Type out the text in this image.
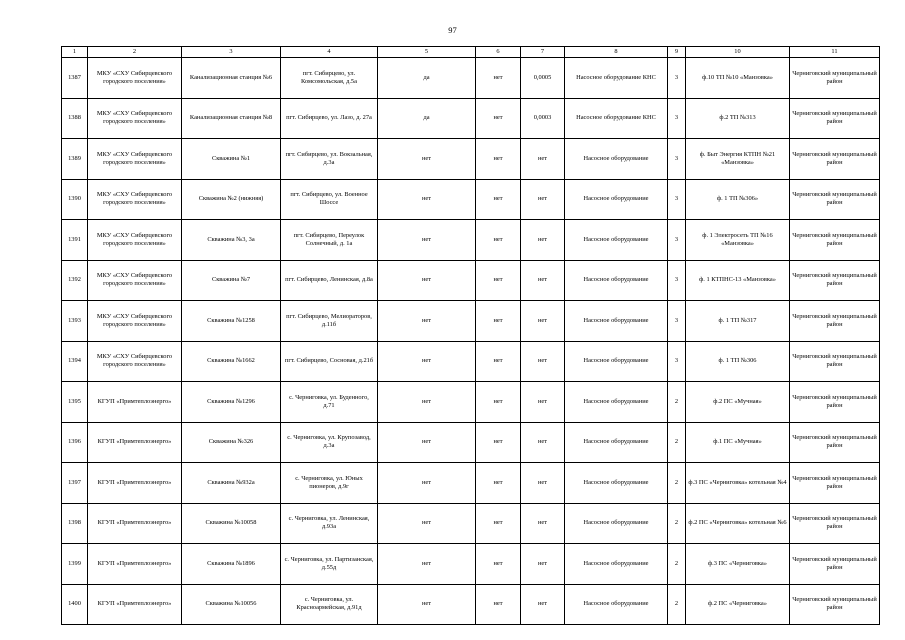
97
1	2	3	4	5	6	7	8	9	10	11
1387	МКУ «СХУ Сибирцевского городского поселения»	Канализационная станция №6	пгт. Сибирцево, ул. Комсомольская, д.5а	да	нет	0,0005	Насосное оборудование КНС	3	ф.10 ТП №10 «Манзовка»	Черниговский муниципальный район
1388	МКУ «СХУ Сибирцевского городского поселения»	Канализационная станция №8	пгт. Сибирцево, ул. Лазо, д. 27а	да	нет	0,0003	Насосное оборудование КНС	3	ф.2 ТП №313	Черниговский муниципальный район
1389	МКУ «СХУ Сибирцевского городского поселения»	Скважина №1	пгт. Сибирцево, ул. Вокзальная, д.3а	нет	нет	нет	Насосное оборудование	3	ф. Быт Энергия КТПН №21 «Манзовка»	Черниговский муниципальный район
1390	МКУ «СХУ Сибирцевского городского поселения»	Скважина №2 (нижняя)	пгт. Сибирцево, ул. Военное Шоссе	нет	нет	нет	Насосное оборудование	3	ф. 1 ТП №306»	Черниговский муниципальный район
1391	МКУ «СХУ Сибирцевского городского поселения»	Скважина №3, 3а	пгт. Сибирцево, Переулок Солнечный, д. 1а	нет	нет	нет	Насосное оборудование	3	ф. 1 Электросеть ТП №16 «Манзовка»	Черниговский муниципальный район
1392	МКУ «СХУ Сибирцевского городского поселения»	Скважина №7	пгт. Сибирцево, Ленинская, д.8а	нет	нет	нет	Насосное оборудование	3	ф. 1 КТПНС-13 «Манзовка»	Черниговский муниципальный район
1393	МКУ «СХУ Сибирцевского городского поселения»	Скважина №1258	пгт. Сибирцево, Мелиораторов, д.11б	нет	нет	нет	Насосное оборудование	3	ф. 1 ТП №317	Черниговский муниципальный район
1394	МКУ «СХУ Сибирцевского городского поселения»	Скважина №1662	пгт. Сибирцево, Сосновая, д.21б	нет	нет	нет	Насосное оборудование	3	ф. 1 ТП №306	Черниговский муниципальный район
1395	КГУП «Примтеплоэнерго»	Скважина №1296	с. Черниговка, ул. Буденного, д.71	нет	нет	нет	Насосное оборудование	2	ф.2 ПС «Мучная»	Черниговский муниципальный район
1396	КГУП «Примтеплоэнерго»	Скважина №326	с. Черниговка, ул. Крупозавод, д.3а	нет	нет	нет	Насосное оборудование	2	ф.1 ПС «Мучная»	Черниговский муниципальный район
1397	КГУП «Примтеплоэнерго»	Скважина №932а	с. Черниговка, ул. Юных пионеров, д.9г	нет	нет	нет	Насосное оборудование	2	ф.3 ПС «Черниговка» котельная №4	Черниговский муниципальный район
1398	КГУП «Примтеплоэнерго»	Скважина №10058	с. Черниговка, ул. Ленинская, д.93а	нет	нет	нет	Насосное оборудование	2	ф.2 ПС «Черниговка» котельная №6	Черниговский муниципальный район
1399	КГУП «Примтеплоэнерго»	Скважина №1896	с. Черниговка, ул. Партизанская, д.55д	нет	нет	нет	Насосное оборудование	2	ф.3 ПС «Черниговка»	Черниговский муниципальный район
1400	КГУП «Примтеплоэнерго»	Скважина №10056	с. Черниговка, ул. Красноармейская, д.91д	нет	нет	нет	Насосное оборудование	2	ф.2 ПС «Черниговка»	Черниговский муниципальный район
